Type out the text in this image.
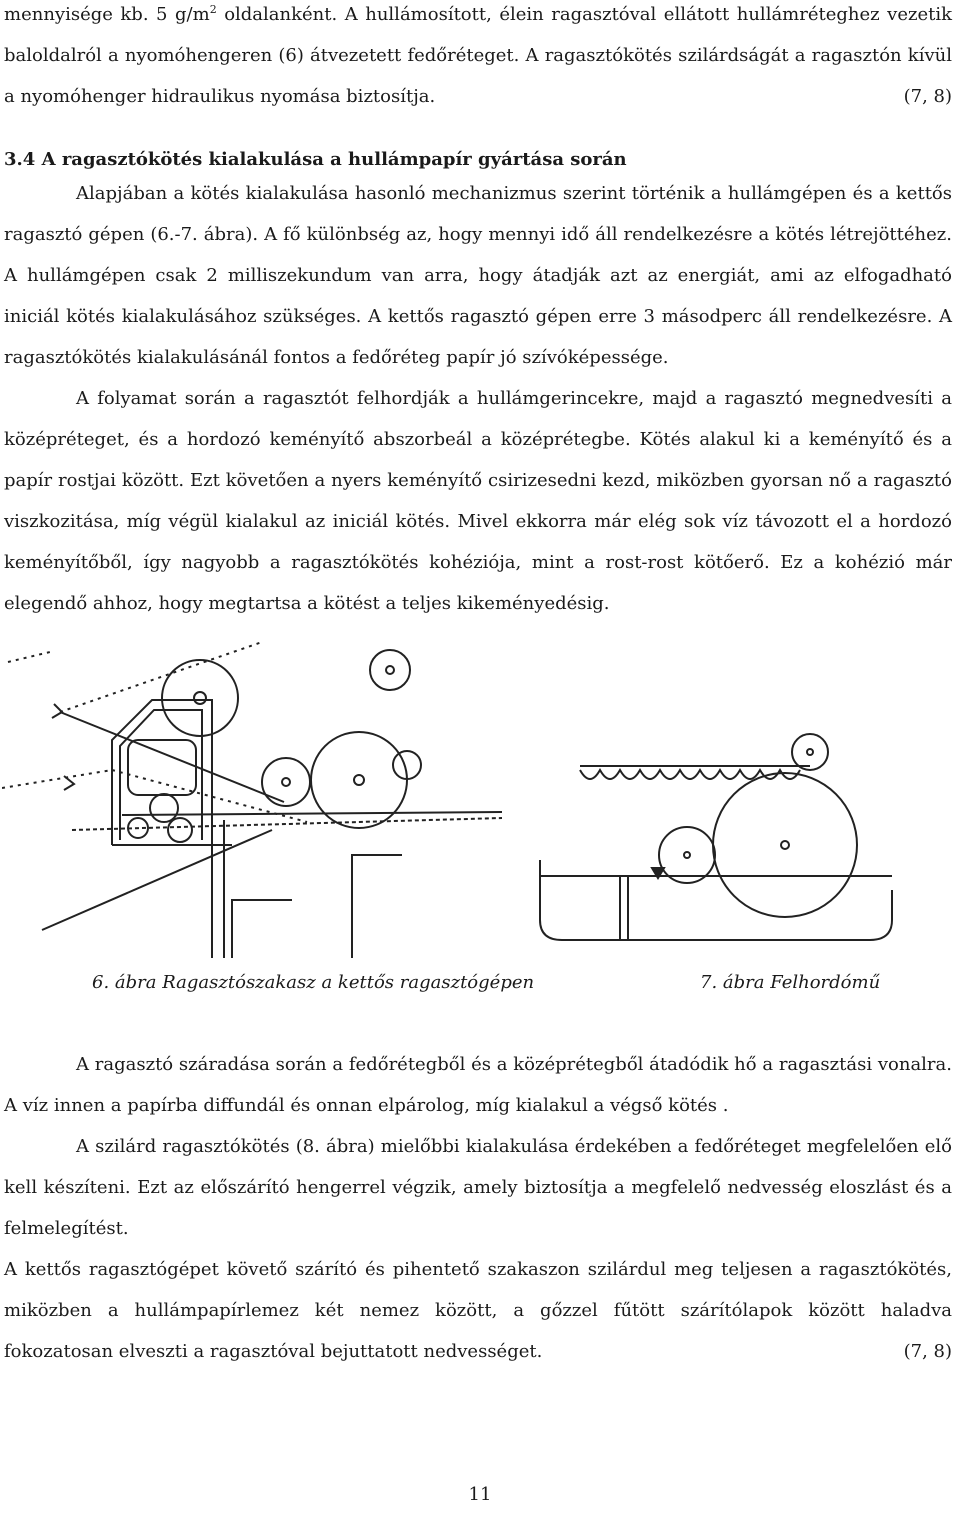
mennyisége kb. 5 $g/m^2$ oldalanként. A hullámosított, élein ragasztóval ellátott hullámréteghez vezetik baloldalról a nyomóhengeren (6) átvezetett fedőréteget. A ragasztókötés szilárdságát a ragasztón kívül a nyomóhenger hidraulikus nyomása biztosítja.	(7, 8)

3.4 A ragasztókötés kialakulása a hullámpapír gyártása során

Alapjában a kötés kialakulása hasonló mechanizmus szerint történik a hullámgépen és a kettős ragasztó gépen (6.-7. ábra). A fő különbség az, hogy mennyi idő áll rendelkezésre a kötés létrejöttéhez. A hullámgépen csak 2 milliszekundum van arra, hogy átadják azt az energiát, ami az elfogadható iniciál kötés kialakulásához szükséges. A kettős ragasztó gépen erre 3 másodperc áll rendelkezésre. A ragasztókötés kialakulásánál fontos a fedőréteg papír jó szívóképessége.

A folyamat során a ragasztót felhordják a hullámgerincekre, majd a ragasztó megnedvesíti a középréteget, és a hordozó keményítő abszorbeál a középrétegbe. Kötés alakul ki a keményítő és a papír rostjai között. Ezt követően a nyers keményítő csirizesedni kezd, miközben gyorsan nő a ragasztó viszkozitása, míg végül kialakul az iniciál kötés. Mivel ekkorra már elég sok víz távozott el a hordozó keményítőből, így nagyobb a ragasztókötés kohéziója, mint a rost-rost kötőerő. Ez a kohézió már elegendő ahhoz, hogy megtartsa a kötést a teljes kikeményedésig.

6. ábra Ragasztószakasz a kettős ragasztógépen	7. ábra Felhordómű

A ragasztó száradása során a fedőrétegből és a középrétegből átadódik hő a ragasztási vonalra. A víz innen a papírba diffundál és onnan elpárolog, míg kialakul a végső kötés .

A szilárd ragasztókötés (8. ábra) mielőbbi kialakulása érdekében a fedőréteget megfelelően elő kell készíteni. Ezt az előszárító hengerrel végzik, amely biztosítja a megfelelő nedvesség eloszlást és a felmelegítést.

A kettős ragasztógépet követő szárító és pihentető szakaszon szilárdul meg teljesen a ragasztókötés, miközben a hullámpapírlemez két nemez között, a gőzzel fűtött szárítólapok között haladva fokozatosan elveszti a ragasztóval bejuttatott nedvességet.	(7, 8)

11
